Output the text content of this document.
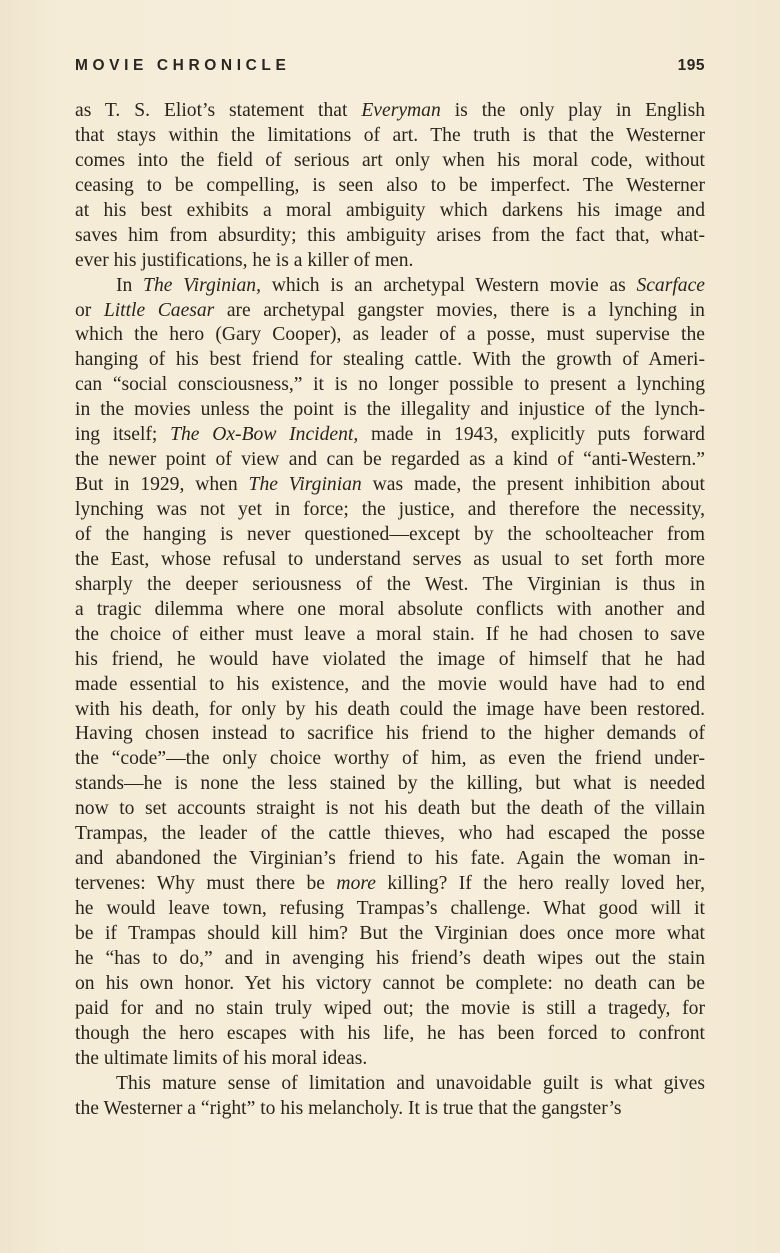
MOVIE CHRONICLE	195
as T. S. Eliot’s statement that Everyman is the only play in English
that stays within the limitations of art. The truth is that the Westerner
comes into the field of serious art only when his moral code, without
ceasing to be compelling, is seen also to be imperfect. The Westerner
at his best exhibits a moral ambiguity which darkens his image and
saves him from absurdity; this ambiguity arises from the fact that, what-
ever his justifications, he is a killer of men.
In The Virginian, which is an archetypal Western movie as Scarface
or Little Caesar are archetypal gangster movies, there is a lynching in
which the hero (Gary Cooper), as leader of a posse, must supervise the
hanging of his best friend for stealing cattle. With the growth of Ameri-
can “social consciousness,” it is no longer possible to present a lynching
in the movies unless the point is the illegality and injustice of the lynch-
ing itself; The Ox-Bow Incident, made in 1943, explicitly puts forward
the newer point of view and can be regarded as a kind of “anti-Western.”
But in 1929, when The Virginian was made, the present inhibition about
lynching was not yet in force; the justice, and therefore the necessity,
of the hanging is never questioned—except by the schoolteacher from
the East, whose refusal to understand serves as usual to set forth more
sharply the deeper seriousness of the West. The Virginian is thus in
a tragic dilemma where one moral absolute conflicts with another and
the choice of either must leave a moral stain. If he had chosen to save
his friend, he would have violated the image of himself that he had
made essential to his existence, and the movie would have had to end
with his death, for only by his death could the image have been restored.
Having chosen instead to sacrifice his friend to the higher demands of
the “code”—the only choice worthy of him, as even the friend under-
stands—he is none the less stained by the killing, but what is needed
now to set accounts straight is not his death but the death of the villain
Trampas, the leader of the cattle thieves, who had escaped the posse
and abandoned the Virginian’s friend to his fate. Again the woman in-
tervenes: Why must there be more killing? If the hero really loved her,
he would leave town, refusing Trampas’s challenge. What good will it
be if Trampas should kill him? But the Virginian does once more what
he “has to do,” and in avenging his friend’s death wipes out the stain
on his own honor. Yet his victory cannot be complete: no death can be
paid for and no stain truly wiped out; the movie is still a tragedy, for
though the hero escapes with his life, he has been forced to confront
the ultimate limits of his moral ideas.
This mature sense of limitation and unavoidable guilt is what gives
the Westerner a “right” to his melancholy. It is true that the gangster’s
